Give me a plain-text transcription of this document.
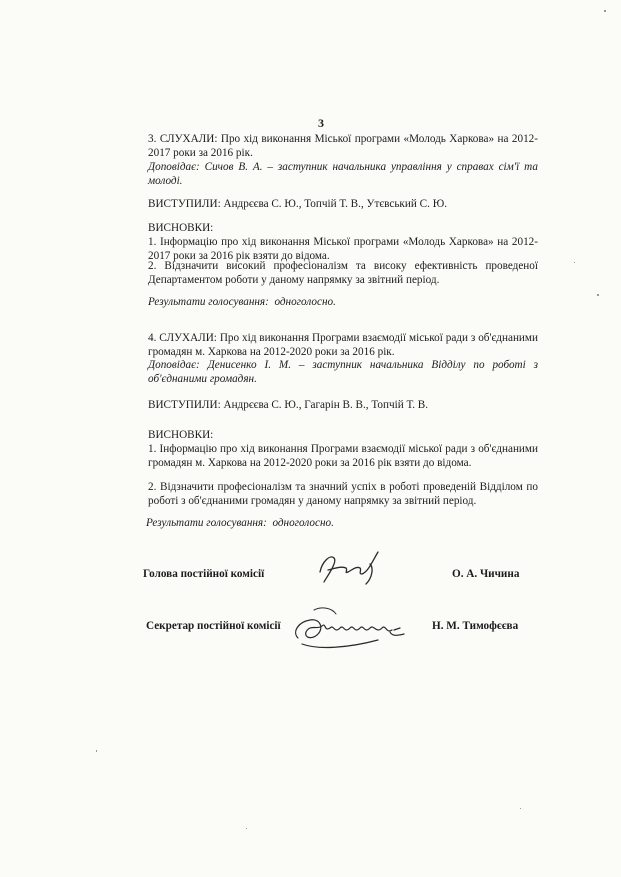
3
3. СЛУХАЛИ: Про хід виконання Міської програми «Молодь Харкова» на 2012-2017 роки за 2016 рік.
Доповідає: Сичов В. А. – заступник начальника управління у справах сім'ї та молоді.
ВИСТУПИЛИ: Андрєєва С. Ю., Топчій Т. В., Утєвський С. Ю.
ВИСНОВКИ:
1. Інформацію про хід виконання Міської програми «Молодь Харкова» на 2012-2017 роки за 2016 рік взяти до відома.
2. Відзначити високий професіоналізм та високу ефективність проведеної Департаментом роботи у даному напрямку за звітний період.
Результати голосування: одноголосно.
4. СЛУХАЛИ: Про хід виконання Програми взаємодії міської ради з об'єднаними громадян м. Харкова на 2012-2020 роки за 2016 рік.
Доповідає: Денисенко І. М. – заступник начальника Відділу по роботі з об'єднаними громадян.
ВИСТУПИЛИ: Андрєєва С. Ю., Гагарін В. В., Топчій Т. В.
ВИСНОВКИ:
1. Інформацію про хід виконання Програми взаємодії міської ради з об'єднаними громадян м. Харкова на 2012-2020 роки за 2016 рік взяти до відома.
2. Відзначити професіоналізм та значний успіх в роботі проведеній Відділом по роботі з об'єднаними громадян у даному напрямку за звітний період.
Результати голосування: одноголосно.
Голова постійної комісії	О. А. Чичина
Секретар постійної комісії	Н. М. Тимофєєва
